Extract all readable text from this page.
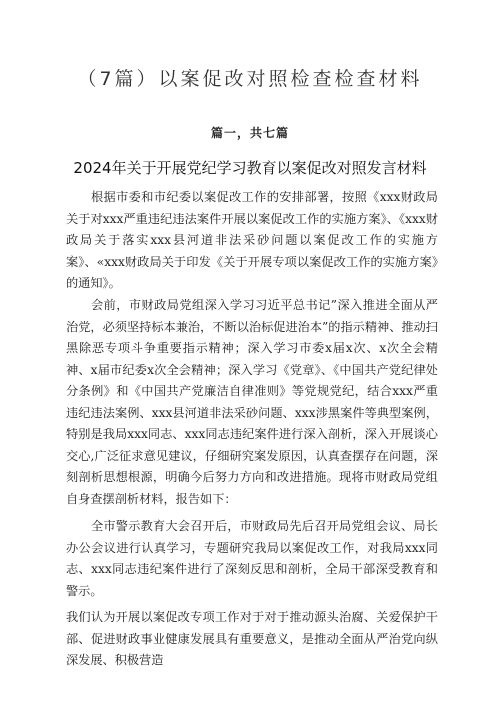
（7篇）以案促改对照检查检查材料
篇一，共七篇
2024年关于开展党纪学习教育以案促改对照发言材料

根据市委和市纪委以案促改工作的安排部署，按照《xxx财政局关于对xxx严重违纪违法案件开展以案促改工作的实施方案》、《xxx财政局关于落实xxx县河道非法采砂问题以案促改工作的实施方案》、«xxx财政局关于印发《关于开展专项以案促改工作的实施方案》的通知》。

会前，市财政局党组深入学习习近平总书记”深入推进全面从严治党，必须坚持标本兼治，不断以治标促进治本”的指示精神、推动扫黑除恶专项斗争重要指示精神；深入学习市委x届x次、x次全会精神、x届市纪委x次全会精神；深入学习《党章》、《中国共产党纪律处分条例》和《中国共产党廉洁自律准则》等党规党纪，结合xxx严重违纪违法案例、xxx县河道非法采砂问题、xxx涉黑案件等典型案例，特别是我局xxx同志、xxx同志违纪案件进行深入剖析，深入开展谈心交心,广泛征求意见建议，仔细研究案发原因，认真查摆存在问题，深刻剖析思想根源，明确今后努力方向和改进措施。现将市财政局党组自身查摆剖析材料，报告如下：

全市警示教育大会召开后，市财政局先后召开局党组会议、局长办公会议进行认真学习，专题研究我局以案促改工作，对我局xxx同志、xxx同志违纪案件进行了深刻反思和剖析，全局干部深受教育和警示。

我们认为开展以案促改专项工作对于对于推动源头治腐、关爱保护干部、促进财政事业健康发展具有重要意义，是推动全面从严治党向纵深发展、积极营造
